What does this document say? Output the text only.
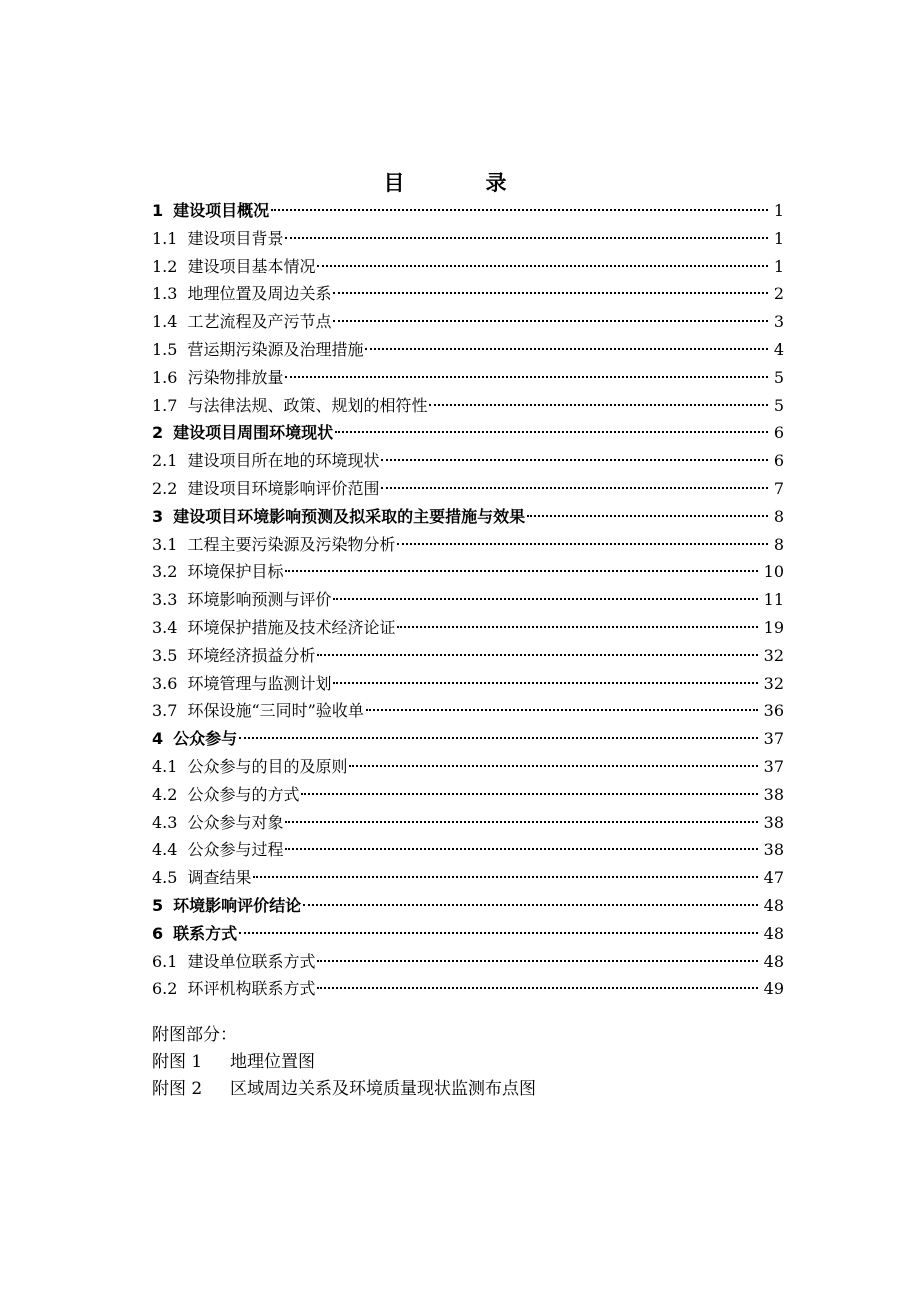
目　录
1 建设项目概况	1
1.1 建设项目背景	1
1.2 建设项目基本情况	1
1.3 地理位置及周边关系	2
1.4 工艺流程及产污节点	3
1.5 营运期污染源及治理措施	4
1.6 污染物排放量	5
1.7 与法律法规、政策、规划的相符性	5
2 建设项目周围环境现状	6
2.1 建设项目所在地的环境现状	6
2.2 建设项目环境影响评价范围	7
3 建设项目环境影响预测及拟采取的主要措施与效果	8
3.1 工程主要污染源及污染物分析	8
3.2 环境保护目标	10
3.3 环境影响预测与评价	11
3.4 环境保护措施及技术经济论证	19
3.5 环境经济损益分析	32
3.6 环境管理与监测计划	32
3.7 环保设施“三同时”验收单	36
4 公众参与	37
4.1 公众参与的目的及原则	37
4.2 公众参与的方式	38
4.3 公众参与对象	38
4.4 公众参与过程	38
4.5 调查结果	47
5 环境影响评价结论	48
6 联系方式	48
6.1 建设单位联系方式	48
6.2 环评机构联系方式	49
附图部分：
附图 1	地理位置图
附图 2	区域周边关系及环境质量现状监测布点图
